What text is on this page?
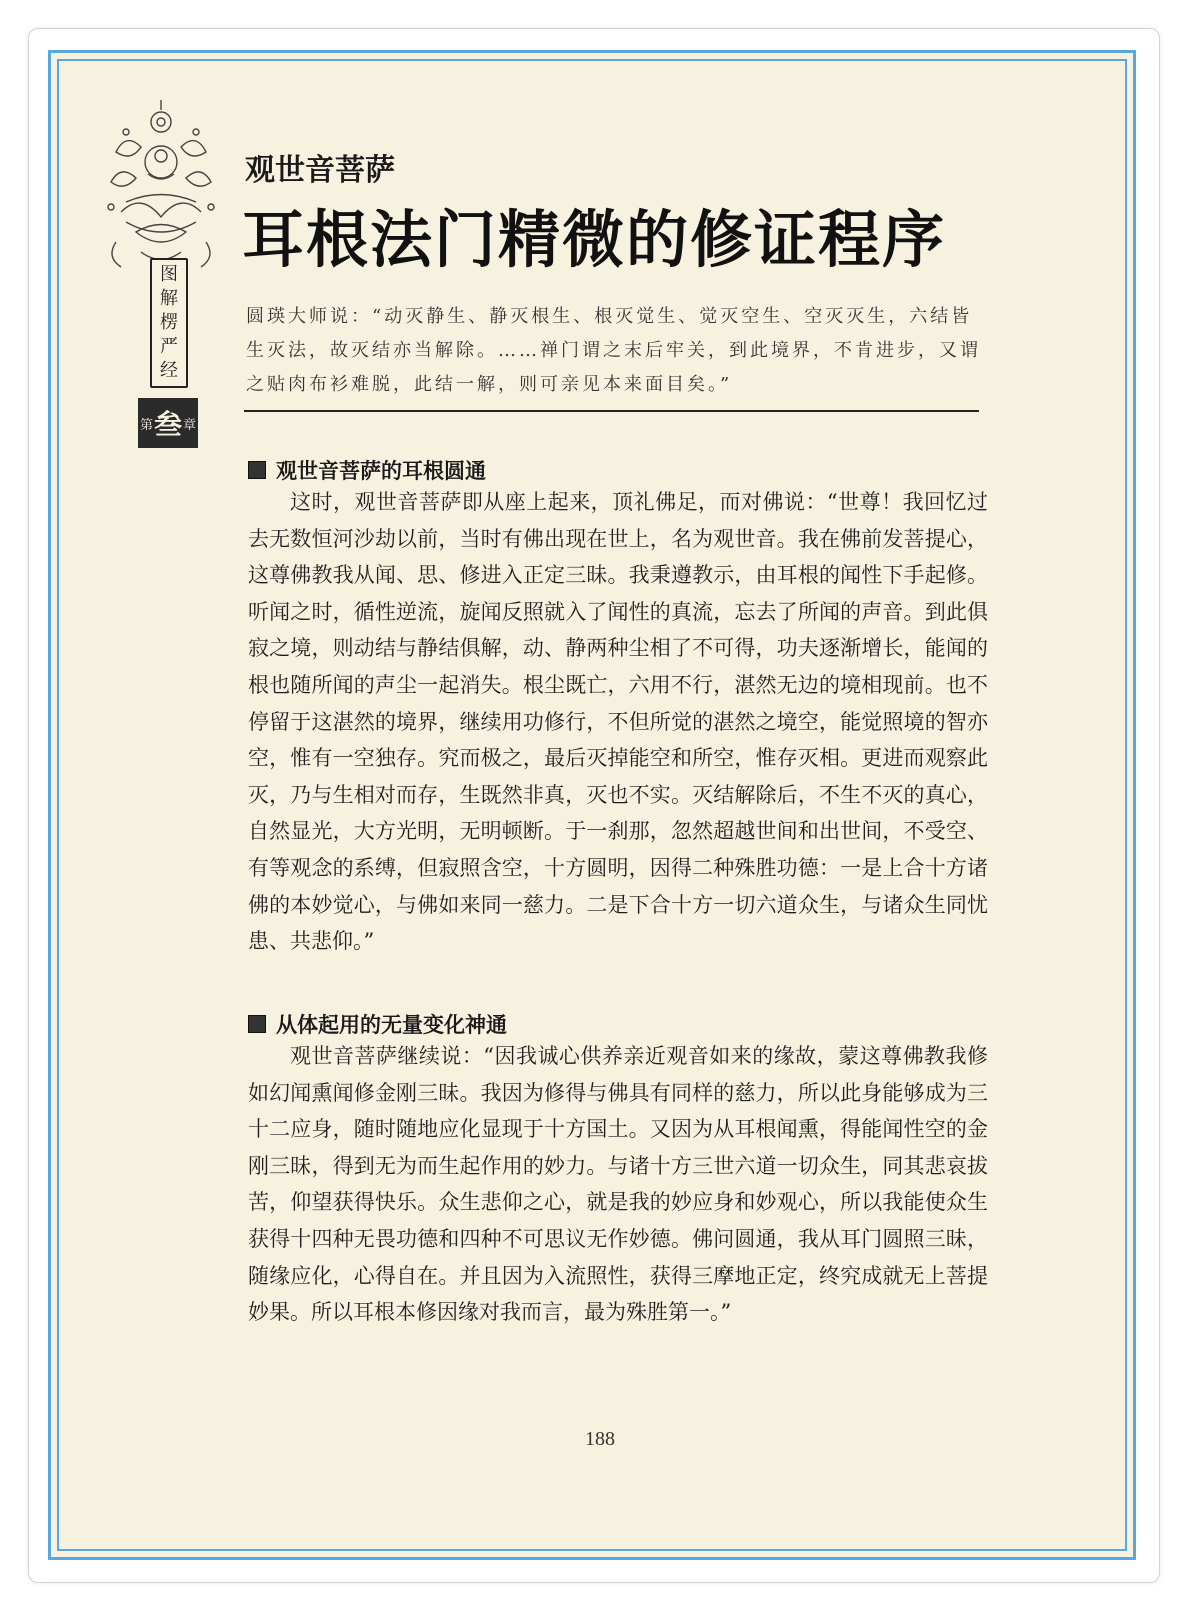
图
解
楞
严
经
第 叁 章
观世音菩萨
耳根法门精微的修证程序
圆瑛大师说：“动灭静生、静灭根生、根灭觉生、觉灭空生、空灭灭生，六结皆生灭法，故灭结亦当解除。……禅门谓之末后牢关，到此境界，不肯进步，又谓之贴肉布衫难脱，此结一解，则可亲见本来面目矣。”
观世音菩萨的耳根圆通

这时，观世音菩萨即从座上起来，顶礼佛足，而对佛说：“世尊！我回忆过去无数恒河沙劫以前，当时有佛出现在世上，名为观世音。我在佛前发菩提心，这尊佛教我从闻、思、修进入正定三昧。我秉遵教示，由耳根的闻性下手起修。听闻之时，循性逆流，旋闻反照就入了闻性的真流，忘去了所闻的声音。到此俱寂之境，则动结与静结俱解，动、静两种尘相了不可得，功夫逐渐增长，能闻的根也随所闻的声尘一起消失。根尘既亡，六用不行，湛然无边的境相现前。也不停留于这湛然的境界，继续用功修行，不但所觉的湛然之境空，能觉照境的智亦空，惟有一空独存。究而极之，最后灭掉能空和所空，惟存灭相。更进而观察此灭，乃与生相对而存，生既然非真，灭也不实。灭结解除后，不生不灭的真心，自然显光，大方光明，无明顿断。于一刹那，忽然超越世间和出世间，不受空、有等观念的系缚，但寂照含空，十方圆明，因得二种殊胜功德：一是上合十方诸佛的本妙觉心，与佛如来同一慈力。二是下合十方一切六道众生，与诸众生同忧患、共悲仰。”

从体起用的无量变化神通

观世音菩萨继续说：“因我诚心供养亲近观音如来的缘故，蒙这尊佛教我修如幻闻熏闻修金刚三昧。我因为修得与佛具有同样的慈力，所以此身能够成为三十二应身，随时随地应化显现于十方国土。又因为从耳根闻熏，得能闻性空的金刚三昧，得到无为而生起作用的妙力。与诸十方三世六道一切众生，同其悲哀拔苦，仰望获得快乐。众生悲仰之心，就是我的妙应身和妙观心，所以我能使众生获得十四种无畏功德和四种不可思议无作妙德。佛问圆通，我从耳门圆照三昧，随缘应化，心得自在。并且因为入流照性，获得三摩地正定，终究成就无上菩提妙果。所以耳根本修因缘对我而言，最为殊胜第一。”

188
